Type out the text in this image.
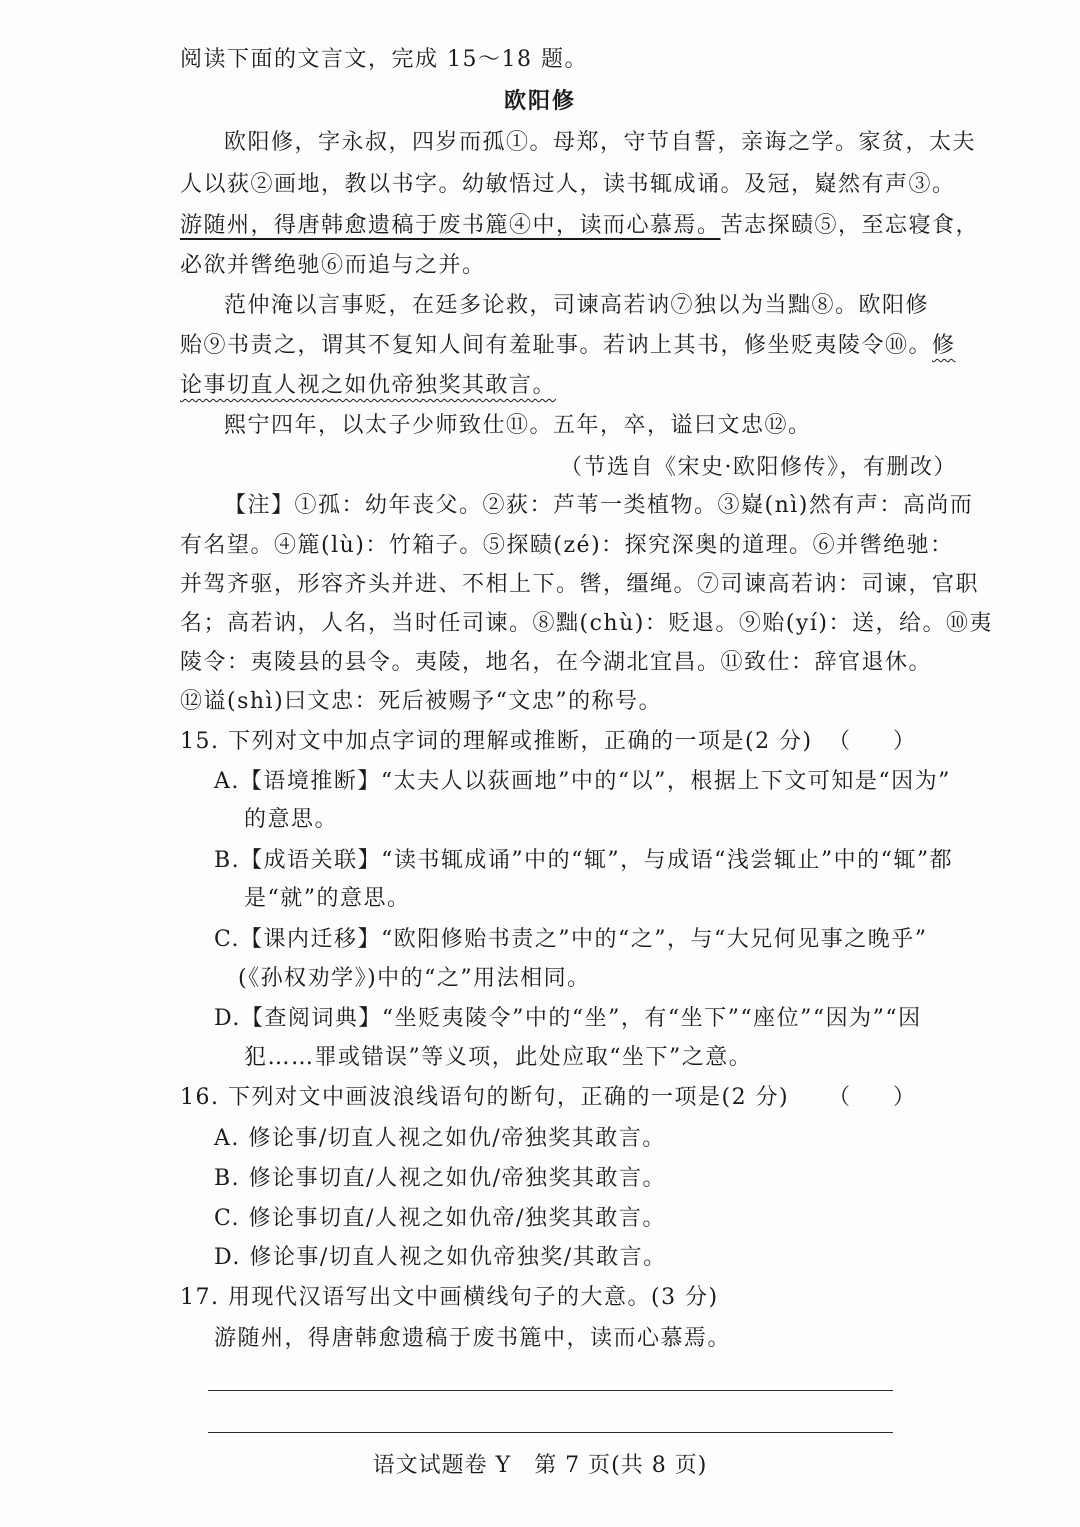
阅读下面的文言文，完成 15～18 题。
欧阳修
欧阳修，字永叔，四岁而孤①。母郑，守节自誓，亲诲之学。家贫，太夫
人以荻②画地，教以书字。幼敏悟过人，读书辄成诵。及冠，嶷然有声③。
游随州，得唐韩愈遗稿于废书簏④中，读而心慕焉。苦志探赜⑤，至忘寝食，
必欲并辔绝驰⑥而追与之并。
范仲淹以言事贬，在廷多论救，司谏高若讷⑦独以为当黜⑧。欧阳修
贻⑨书责之，谓其不复知人间有羞耻事。若讷上其书，修坐贬夷陵令⑩。修
论事切直人视之如仇帝独奖其敢言。
熙宁四年，以太子少师致仕⑪。五年，卒，谥曰文忠⑫。
（节选自《宋史·欧阳修传》，有删改）
【注】①孤：幼年丧父。②荻：芦苇一类植物。③嶷(nì)然有声：高尚而
有名望。④簏(lù)：竹箱子。⑤探赜(zé)：探究深奥的道理。⑥并辔绝驰：
并驾齐驱，形容齐头并进、不相上下。辔，缰绳。⑦司谏高若讷：司谏，官职
名；高若讷，人名，当时任司谏。⑧黜(chù)：贬退。⑨贻(yí)：送，给。⑩夷
陵令：夷陵县的县令。夷陵，地名，在今湖北宜昌。⑪致仕：辞官退休。
⑫谥(shì)曰文忠：死后被赐予“文忠”的称号。
15. 下列对文中加点字词的理解或推断，正确的一项是(2 分) （ ）
A.【语境推断】“太夫人以荻画地”中的“以”，根据上下文可知是“因为”
的意思。
B.【成语关联】“读书辄成诵”中的“辄”，与成语“浅尝辄止”中的“辄”都
是“就”的意思。
C.【课内迁移】“欧阳修贻书责之”中的“之”，与“大兄何见事之晚乎”
(《孙权劝学》)中的“之”用法相同。
D.【查阅词典】“坐贬夷陵令”中的“坐”，有“坐下”“座位”“因为”“因
犯……罪或错误”等义项，此处应取“坐下”之意。
16. 下列对文中画波浪线语句的断句，正确的一项是(2 分) （ ）
A. 修论事/切直人视之如仇/帝独奖其敢言。
B. 修论事切直/人视之如仇/帝独奖其敢言。
C. 修论事切直/人视之如仇帝/独奖其敢言。
D. 修论事/切直人视之如仇帝独奖/其敢言。
17. 用现代汉语写出文中画横线句子的大意。(3 分)
游随州，得唐韩愈遗稿于废书簏中，读而心慕焉。
语文试题卷 Y　第 7 页(共 8 页)
